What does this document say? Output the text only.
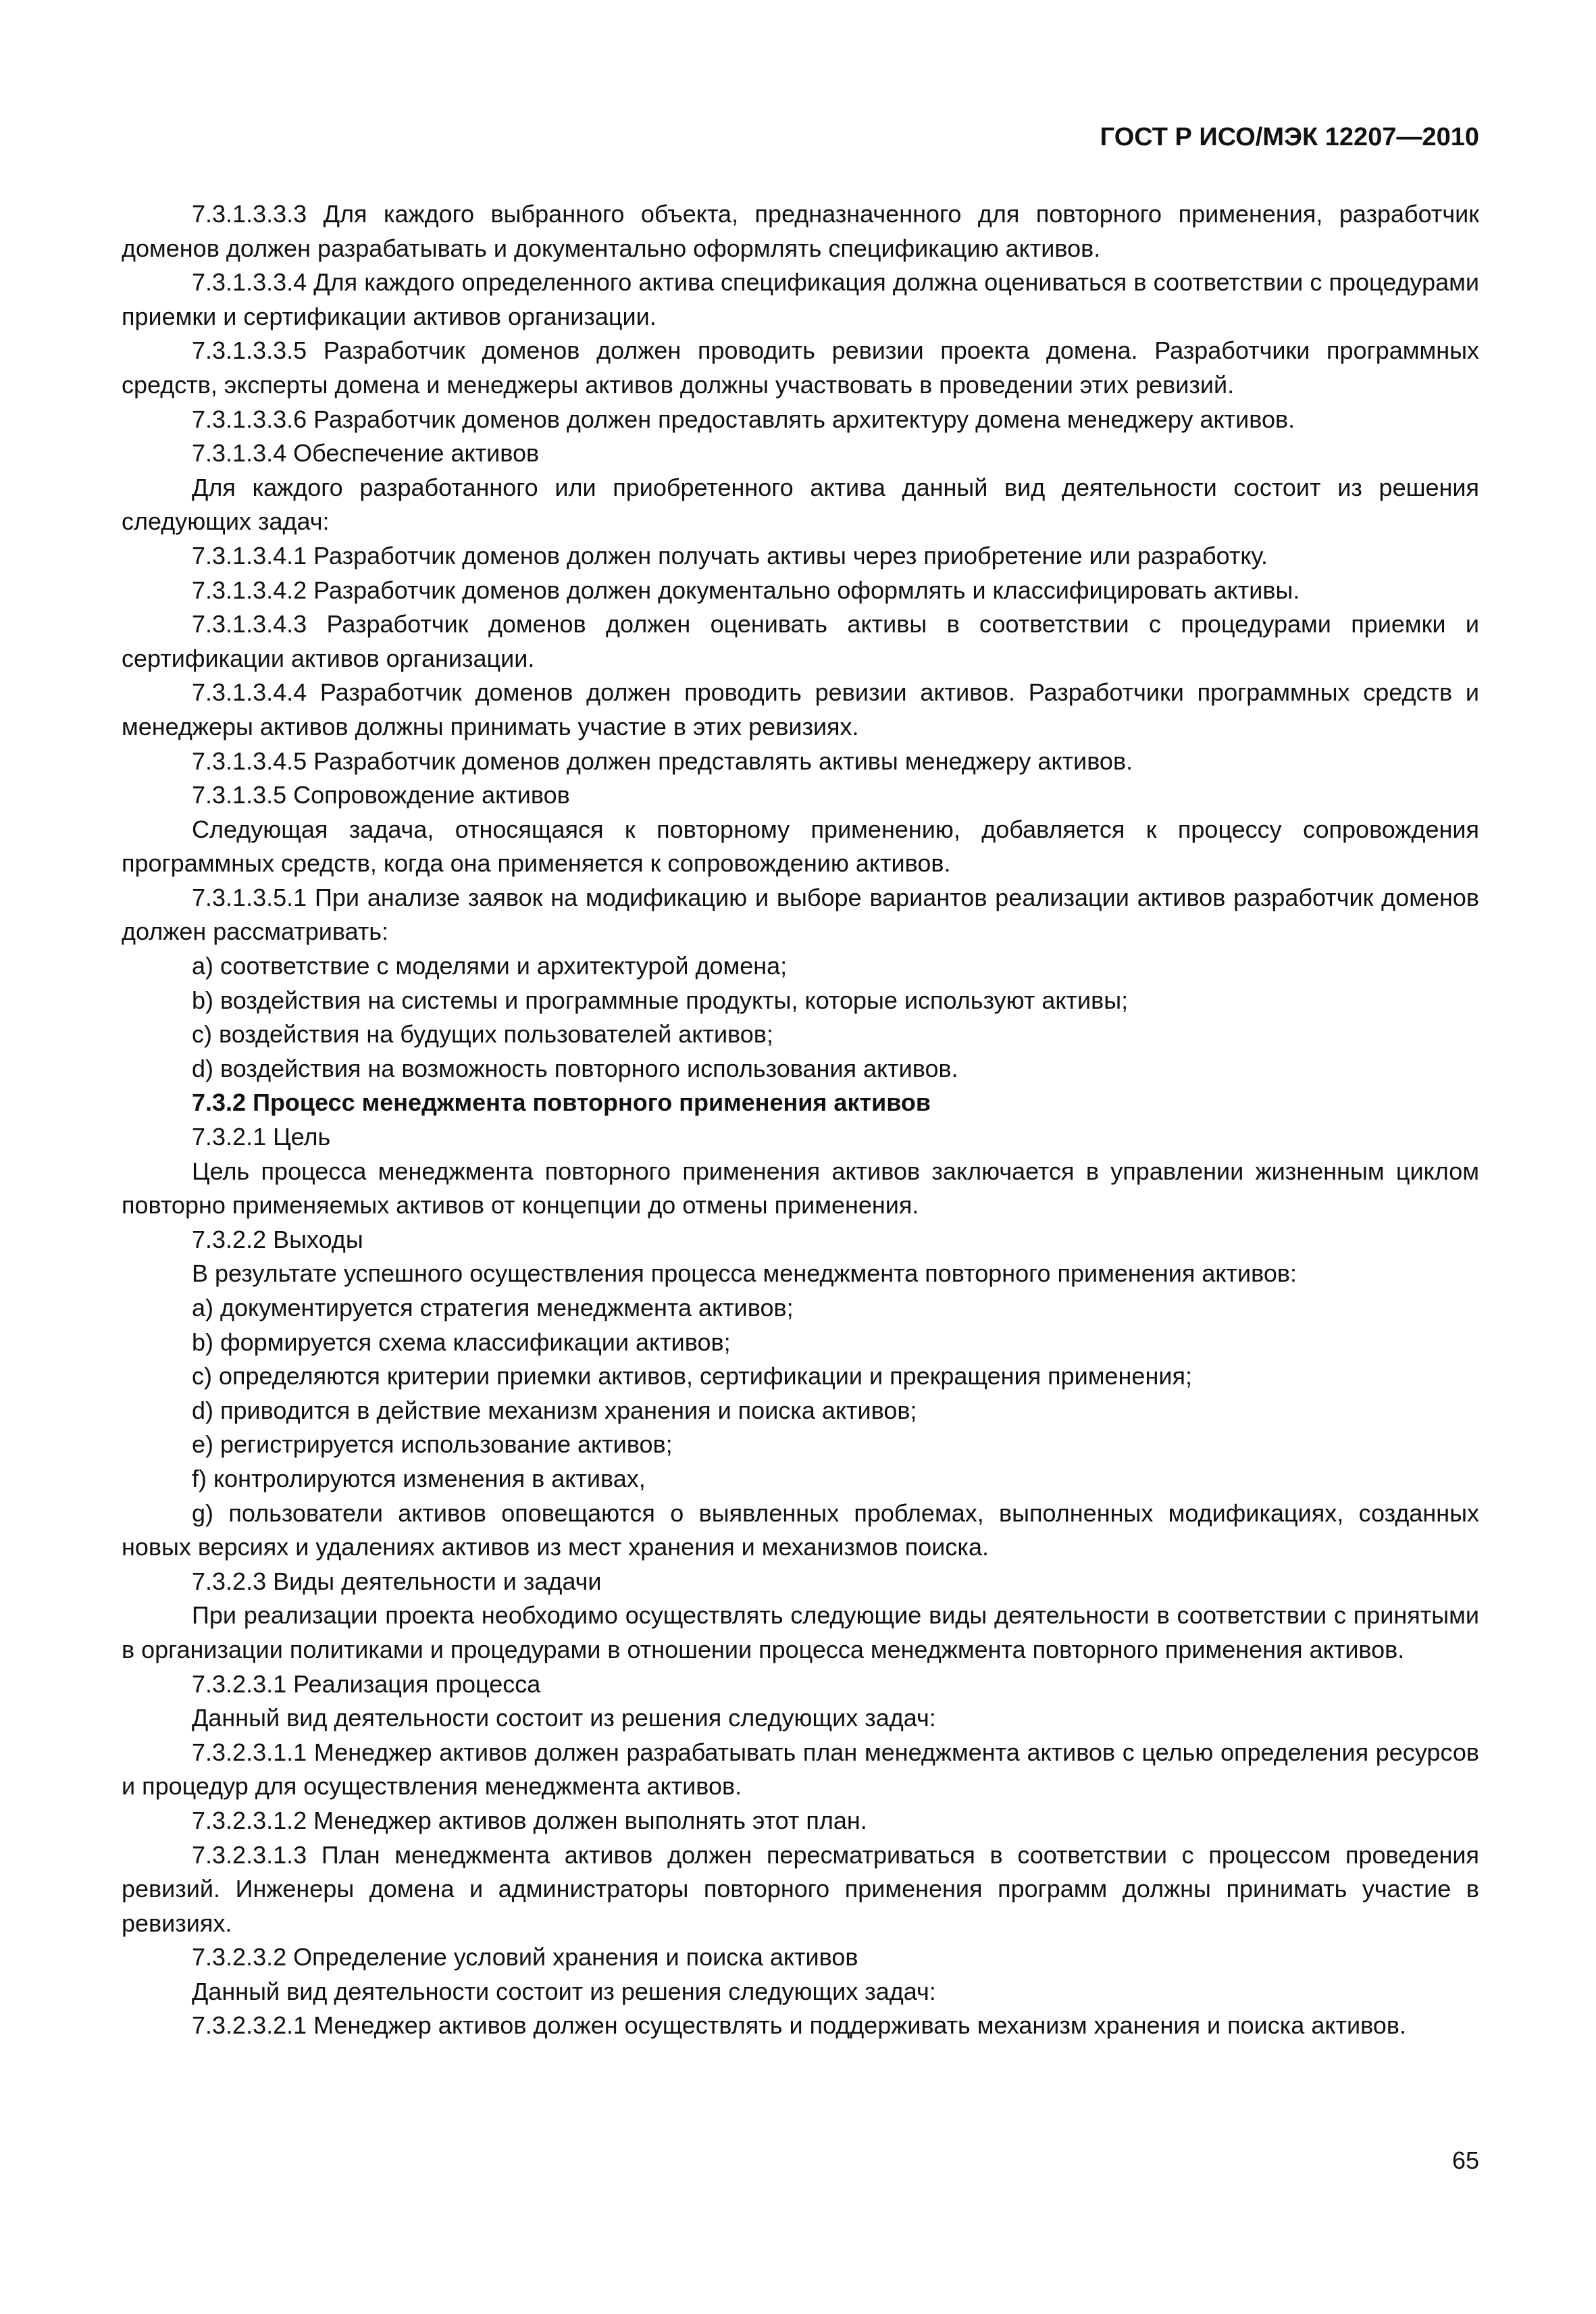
ГОСТ Р ИСО/МЭК 12207—2010

7.3.1.3.3.3 Для каждого выбранного объекта, предназначенного для повторного применения, разработчик доменов должен разрабатывать и документально оформлять спецификацию активов.

7.3.1.3.3.4 Для каждого определенного актива спецификация должна оцениваться в соответствии с процедурами приемки и сертификации активов организации.

7.3.1.3.3.5 Разработчик доменов должен проводить ревизии проекта домена. Разработчики программных средств, эксперты домена и менеджеры активов должны участвовать в проведении этих ревизий.

7.3.1.3.3.6 Разработчик доменов должен предоставлять архитектуру домена менеджеру активов.

7.3.1.3.4 Обеспечение активов

Для каждого разработанного или приобретенного актива данный вид деятельности состоит из решения следующих задач:

7.3.1.3.4.1 Разработчик доменов должен получать активы через приобретение или разработку.

7.3.1.3.4.2 Разработчик доменов должен документально оформлять и классифицировать активы.

7.3.1.3.4.3 Разработчик доменов должен оценивать активы в соответствии с процедурами приемки и сертификации активов организации.

7.3.1.3.4.4 Разработчик доменов должен проводить ревизии активов. Разработчики программных средств и менеджеры активов должны принимать участие в этих ревизиях.

7.3.1.3.4.5 Разработчик доменов должен представлять активы менеджеру активов.

7.3.1.3.5 Сопровождение активов

Следующая задача, относящаяся к повторному применению, добавляется к процессу сопровождения программных средств, когда она применяется к сопровождению активов.

7.3.1.3.5.1 При анализе заявок на модификацию и выборе вариантов реализации активов разработчик доменов должен рассматривать:

a) соответствие с моделями и архитектурой домена;

b) воздействия на системы и программные продукты, которые используют активы;

c) воздействия на будущих пользователей активов;

d) воздействия на возможность повторного использования активов.

7.3.2 Процесс менеджмента повторного применения активов

7.3.2.1 Цель

Цель процесса менеджмента повторного применения активов заключается в управлении жизненным циклом повторно применяемых активов от концепции до отмены применения.

7.3.2.2 Выходы

В результате успешного осуществления процесса менеджмента повторного применения активов:

a) документируется стратегия менеджмента активов;

b) формируется схема классификации активов;

c) определяются критерии приемки активов, сертификации и прекращения применения;

d) приводится в действие механизм хранения и поиска активов;

e) регистрируется использование активов;

f) контролируются изменения в активах,

g) пользователи активов оповещаются о выявленных проблемах, выполненных модификациях, созданных новых версиях и удалениях активов из мест хранения и механизмов поиска.

7.3.2.3 Виды деятельности и задачи

При реализации проекта необходимо осуществлять следующие виды деятельности в соответствии с принятыми в организации политиками и процедурами в отношении процесса менеджмента повторного применения активов.

7.3.2.3.1 Реализация процесса

Данный вид деятельности состоит из решения следующих задач:

7.3.2.3.1.1 Менеджер активов должен разрабатывать план менеджмента активов с целью определения ресурсов и процедур для осуществления менеджмента активов.

7.3.2.3.1.2 Менеджер активов должен выполнять этот план.

7.3.2.3.1.3 План менеджмента активов должен пересматриваться в соответствии с процессом проведения ревизий. Инженеры домена и администраторы повторного применения программ должны принимать участие в ревизиях.

7.3.2.3.2 Определение условий хранения и поиска активов

Данный вид деятельности состоит из решения следующих задач:

7.3.2.3.2.1 Менеджер активов должен осуществлять и поддерживать механизм хранения и поиска активов.

65
